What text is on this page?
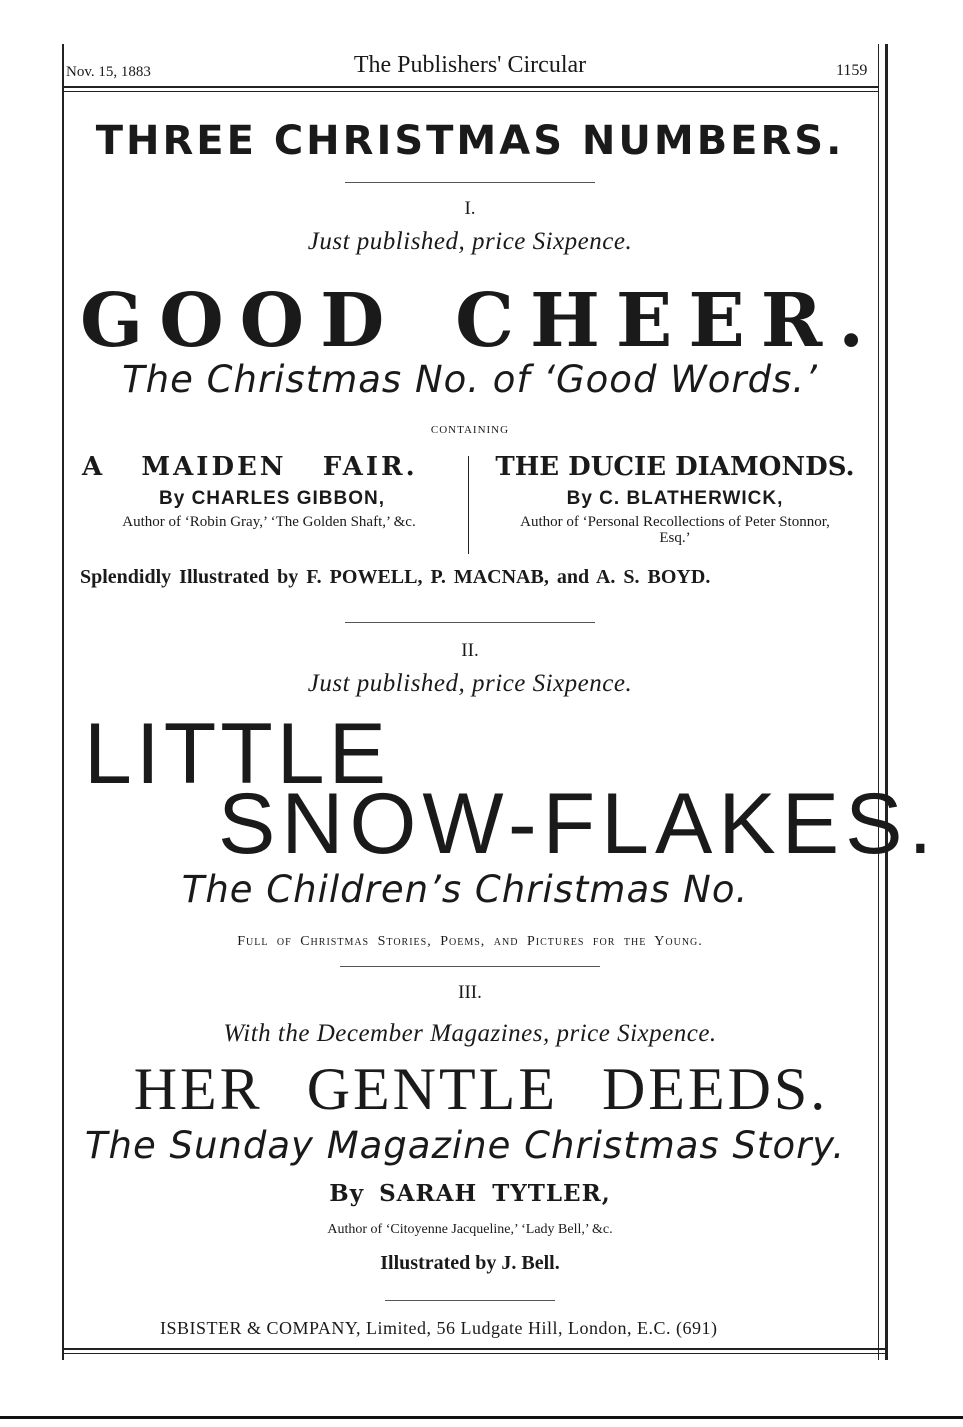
Nov. 15, 1883	The Publishers' Circular	1159
THREE CHRISTMAS NUMBERS.
I.
Just published, price Sixpence.
GOOD CHEER.
The Christmas No. of ‘Good Words.’
CONTAINING
A   MAIDEN   FAIR.
By CHARLES GIBBON,
Author of ‘Robin Gray,’ ‘The Golden Shaft,’ &c.
THE DUCIE DIAMONDS.
By C. BLATHERWICK,
Author of ‘Personal Recollections of Peter Stonnor, Esq.’
Splendidly Illustrated by F. POWELL, P. MACNAB, and A. S. BOYD.
II.
Just published, price Sixpence.
LITTLE
SNOW-FLAKES.
The Children’s Christmas No.
Full of Christmas Stories, Poems, and Pictures for the Young.
III.
With the December Magazines, price Sixpence.
HER GENTLE DEEDS.
The Sunday Magazine Christmas Story.
By SARAH TYTLER,
Author of ‘Citoyenne Jacqueline,’ ‘Lady Bell,’ &c.
Illustrated by J. Bell.
ISBISTER & COMPANY, Limited, 56 Ludgate Hill, London, E.C. (691)
